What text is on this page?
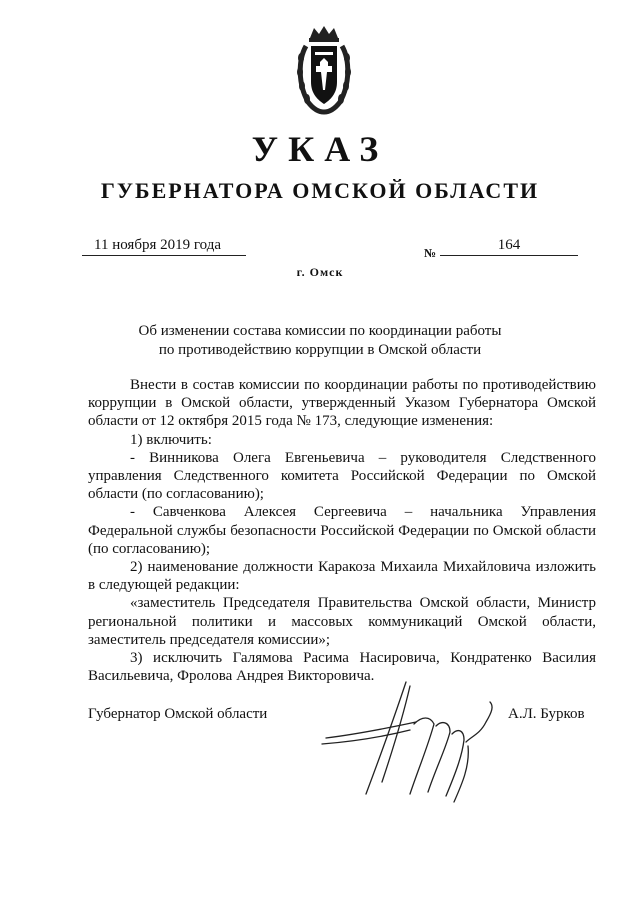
УКАЗ
ГУБЕРНАТОРА ОМСКОЙ ОБЛАСТИ
11 ноября 2019 года	№	164
г. Омск
Об изменении состава комиссии по координации работы
по противодействию коррупции в Омской области

Внести в состав комиссии по координации работы по противодействию коррупции в Омской области, утвержденный Указом Губернатора Омской области от 12 октября 2015 года № 173, следующие изменения:

1) включить:

- Винникова Олега Евгеньевича – руководителя Следственного управления Следственного комитета Российской Федерации по Омской области (по согласованию);

- Савченкова Алексея Сергеевича – начальника Управления Федеральной службы безопасности Российской Федерации по Омской области (по согласованию);

2) наименование должности Каракоза Михаила Михайловича изложить в следующей редакции:

«заместитель Председателя Правительства Омской области, Министр региональной политики и массовых коммуникаций Омской области, заместитель председателя комиссии»;

3) исключить Галямова Расима Насировича, Кондратенко Василия Васильевича, Фролова Андрея Викторовича.

Губернатор Омской области	А.Л. Бурков
